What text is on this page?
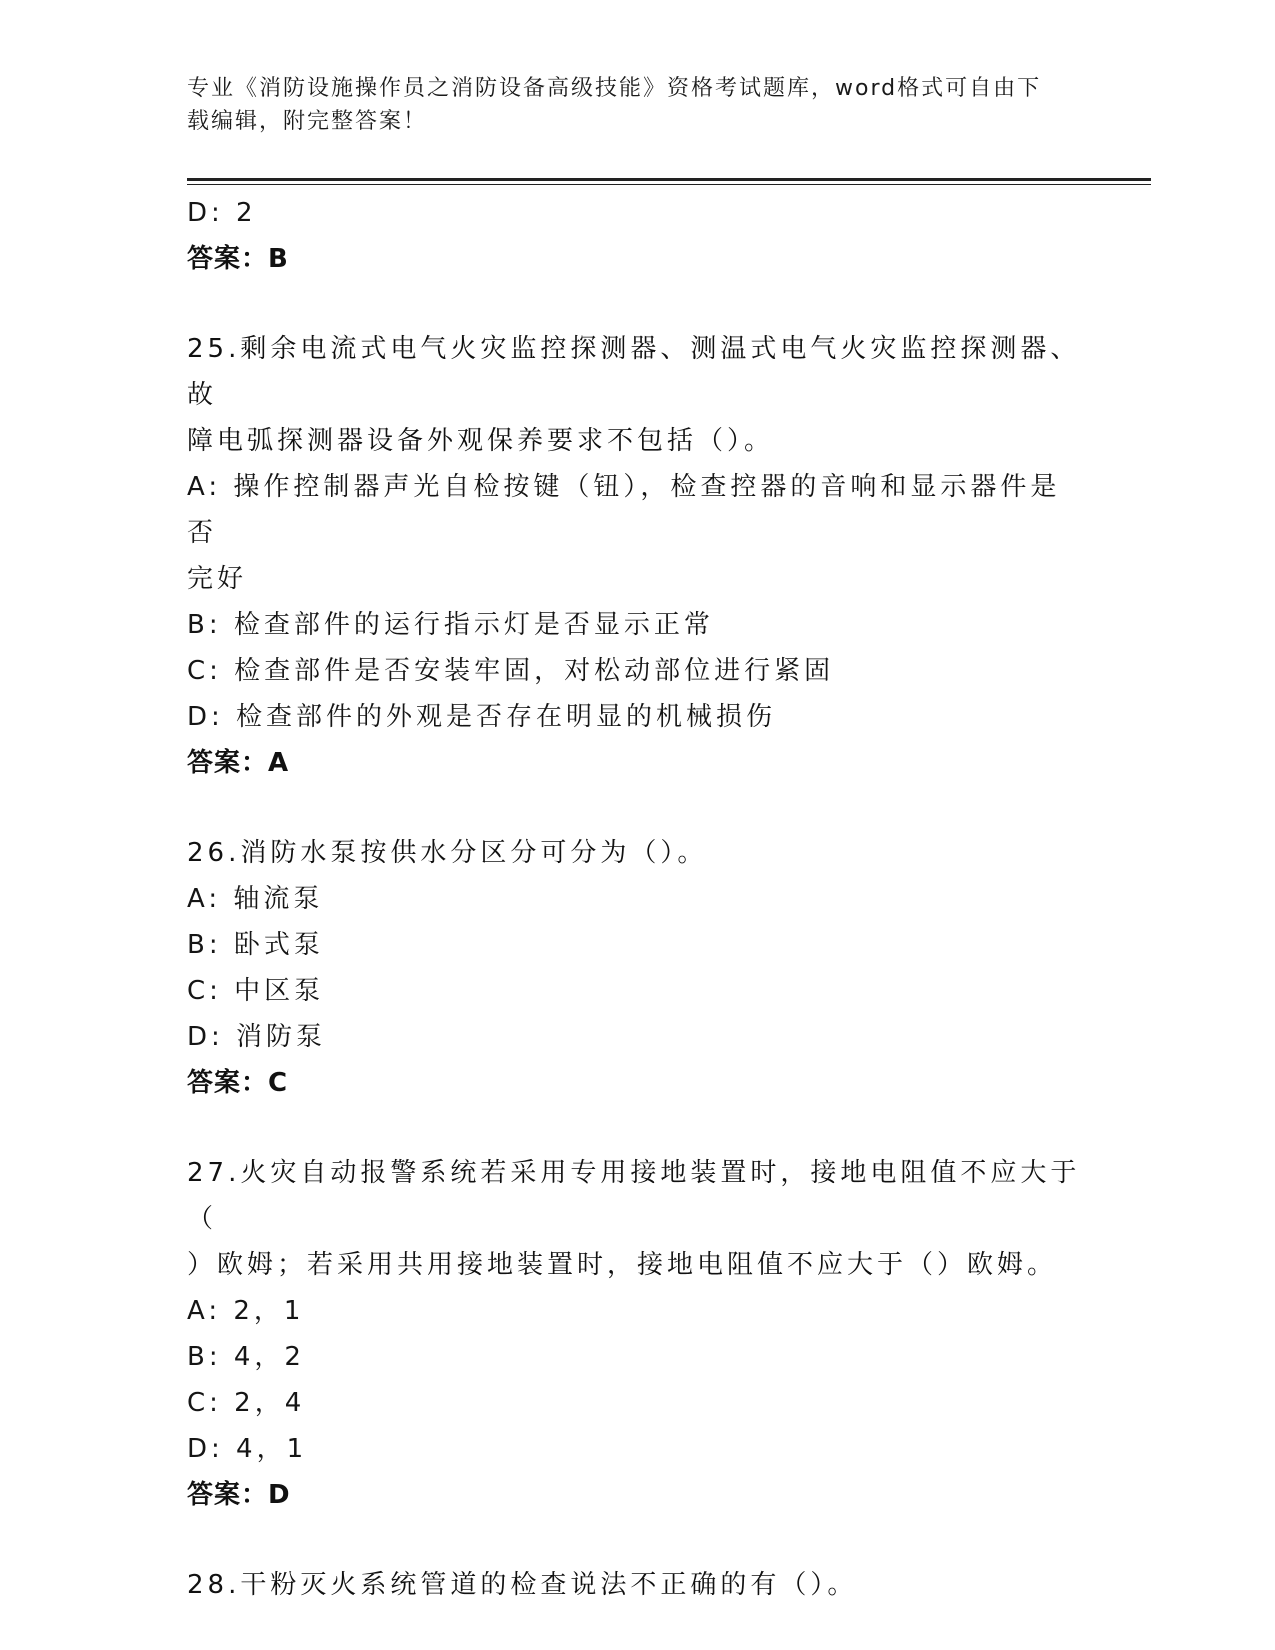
专业《消防设施操作员之消防设备高级技能》资格考试题库，word格式可自由下
载编辑，附完整答案！
D: 2
答案：B
25.剩余电流式电气火灾监控探测器、测温式电气火灾监控探测器、故
障电弧探测器设备外观保养要求不包括（）。
A: 操作控制器声光自检按键（钮），检查控器的音响和显示器件是否
完好
B: 检查部件的运行指示灯是否显示正常
C: 检查部件是否安装牢固，对松动部位进行紧固
D: 检查部件的外观是否存在明显的机械损伤
答案：A
26.消防水泵按供水分区分可分为（）。
A: 轴流泵
B: 卧式泵
C: 中区泵
D: 消防泵
答案：C
27.火灾自动报警系统若采用专用接地装置时，接地电阻值不应大于（
）欧姆；若采用共用接地装置时，接地电阻值不应大于（）欧姆。
A: 2，1
B: 4，2
C: 2，4
D: 4，1
答案：D
28.干粉灭火系统管道的检查说法不正确的有（）。
